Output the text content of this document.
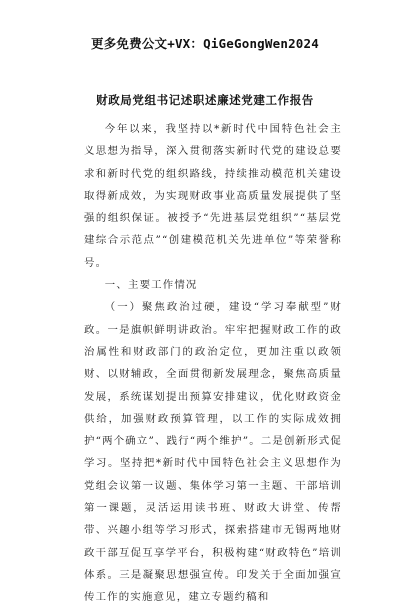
更多免费公文+VX：QiGeGongWen2024
财政局党组书记述职述廉述党建工作报告

今年以来，我坚持以*新时代中国特色社会主义思想为指导，深入贯彻落实新时代党的建设总要求和新时代党的组织路线，持续推动模范机关建设取得新成效，为实现财政事业高质量发展提供了坚强的组织保证。被授予“先进基层党组织”“基层党建综合示范点”“创建模范机关先进单位”等荣誉称号。

一、主要工作情况

（一）聚焦政治过硬，建设“学习奉献型”财政。一是旗帜鲜明讲政治。牢牢把握财政工作的政治属性和财政部门的政治定位，更加注重以政领财、以财辅政，全面贯彻新发展理念，聚焦高质量发展，系统谋划提出预算安排建议，优化财政资金供给，加强财政预算管理，以工作的实际成效拥护“两个确立”、践行“两个维护”。二是创新形式促学习。坚持把*新时代中国特色社会主义思想作为党组会议第一议题、集体学习第一主题、干部培训第一课题，灵活运用读书班、财政大讲堂、传帮带、兴趣小组等学习形式，探索搭建市无锡两地财政干部互促互享学平台，积极构建“财政特色”培训体系。三是凝聚思想强宣传。印发关于全面加强宣传工作的实施意见，建立专题约稿和
